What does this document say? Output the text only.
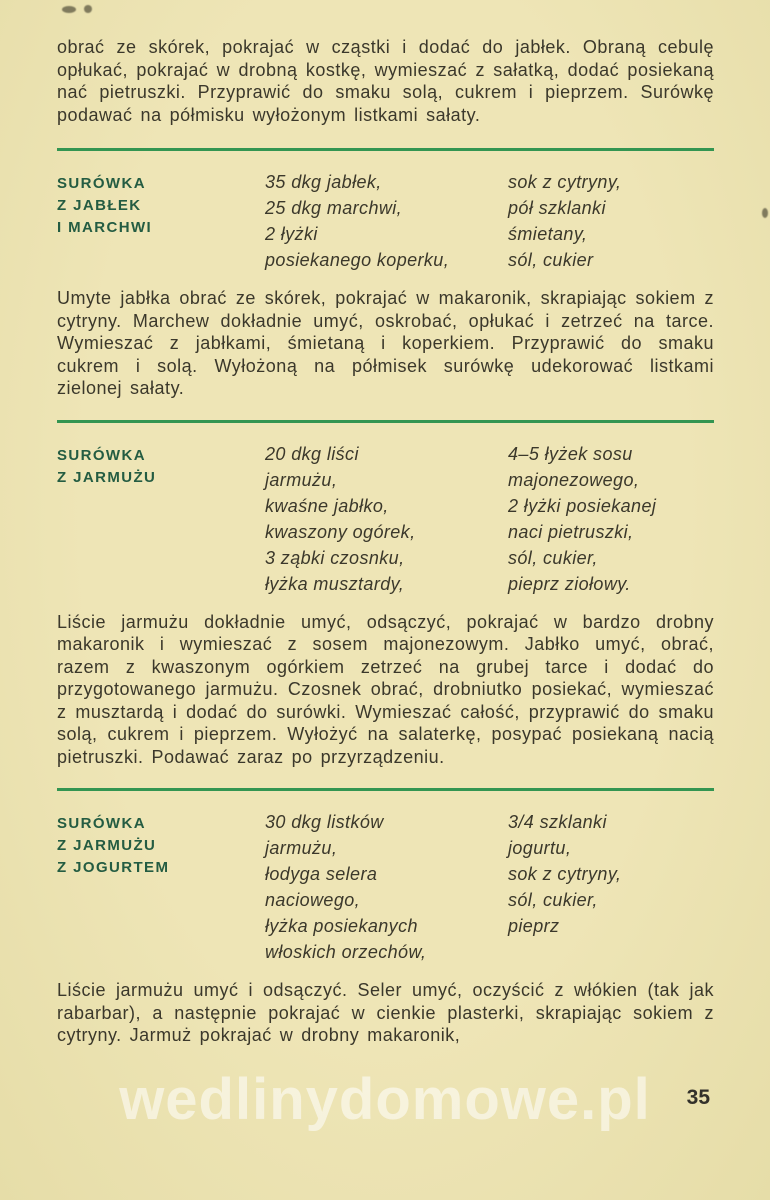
obrać ze skórek, pokrajać w cząstki i dodać do jabłek. Obraną cebulę opłukać, pokrajać w drobną kostkę, wymieszać z sałatką, dodać posiekaną nać pietruszki. Przyprawić do smaku solą, cukrem i pieprzem. Surówkę podawać na półmisku wyłożonym listkami sałaty.

SURÓWKA
Z JABŁEK
I MARCHWI
35 dkg jabłek,
25 dkg marchwi,
2 łyżki
posiekanego koperku,
sok z cytryny,
pół szklanki
śmietany,
sól, cukier

Umyte jabłka obrać ze skórek, pokrajać w makaronik, skrapiając sokiem z cytryny. Marchew dokładnie umyć, oskrobać, opłukać i zetrzeć na tarce. Wymieszać z jabłkami, śmietaną i koperkiem. Przyprawić do smaku cukrem i solą. Wyłożoną na półmisek surówkę udekorować listkami zielonej sałaty.

SURÓWKA
Z JARMUŻU
20 dkg liści
jarmużu,
kwaśne jabłko,
kwaszony ogórek,
3 ząbki czosnku,
łyżka musztardy,
4–5 łyżek sosu
majonezowego,
2 łyżki posiekanej
naci pietruszki,
sól, cukier,
pieprz ziołowy.

Liście jarmużu dokładnie umyć, odsączyć, pokrajać w bardzo drobny makaronik i wymieszać z sosem majonezowym. Jabłko umyć, obrać, razem z kwaszonym ogórkiem zetrzeć na grubej tarce i dodać do przygotowanego jarmużu. Czosnek obrać, drobniutko posiekać, wymieszać z musztardą i dodać do surówki. Wymieszać całość, przyprawić do smaku solą, cukrem i pieprzem. Wyłożyć na salaterkę, posypać posiekaną nacią pietruszki. Podawać zaraz po przyrządzeniu.

SURÓWKA
Z JARMUŻU
Z JOGURTEM
30 dkg listków
jarmużu,
łodyga selera
naciowego,
łyżka posiekanych
włoskich orzechów,
3/4 szklanki
jogurtu,
sok z cytryny,
sól, cukier,
pieprz

Liście jarmużu umyć i odsączyć. Seler umyć, oczyścić z włókien (tak jak rabarbar), a następnie pokrajać w cienkie plasterki, skrapiając sokiem z cytryny. Jarmuż pokrajać w drobny makaronik,

wedlinydomowe.pl	35
